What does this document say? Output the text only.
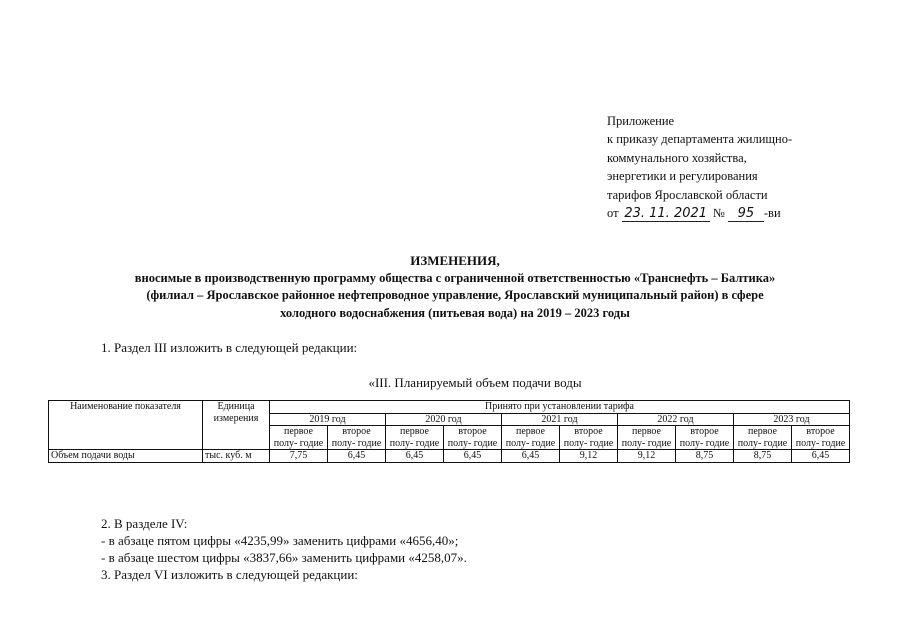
Приложение
к приказу департамента жилищно-
коммунального хозяйства,
энергетики и регулирования
тарифов Ярославской области
от 23. 11. 2021 № 95 -ви
ИЗМЕНЕНИЯ,
вносимые в производственную программу общества с ограниченной ответственностью «Транснефть – Балтика»
(филиал – Ярославское районное нефтепроводное управление, Ярославский муниципальный район) в сфере
холодного водоснабжения (питьевая вода) на 2019 – 2023 годы
1. Раздел III изложить в следующей редакции:
«III. Планируемый объем подачи воды
Наименование показателя	Единица измерения	Принято при установлении тарифа									
		2019 год		2020 год		2021 год		2022 год		2023 год	
		первое полу- годие	второе полу- годие	первое полу- годие	второе полу- годие	первое полу- годие	второе полу- годие	первое полу- годие	второе полу- годие	первое полу- годие	второе полу- годие
Объем подачи воды	тыс. куб. м	7,75	6,45	6,45	6,45	6,45	9,12	9,12	8,75	8,75	6,45
2. В разделе IV:
- в абзаце пятом цифры «4235,99» заменить цифрами «4656,40»;
- в абзаце шестом цифры «3837,66» заменить цифрами «4258,07».
3. Раздел VI изложить в следующей редакции:
